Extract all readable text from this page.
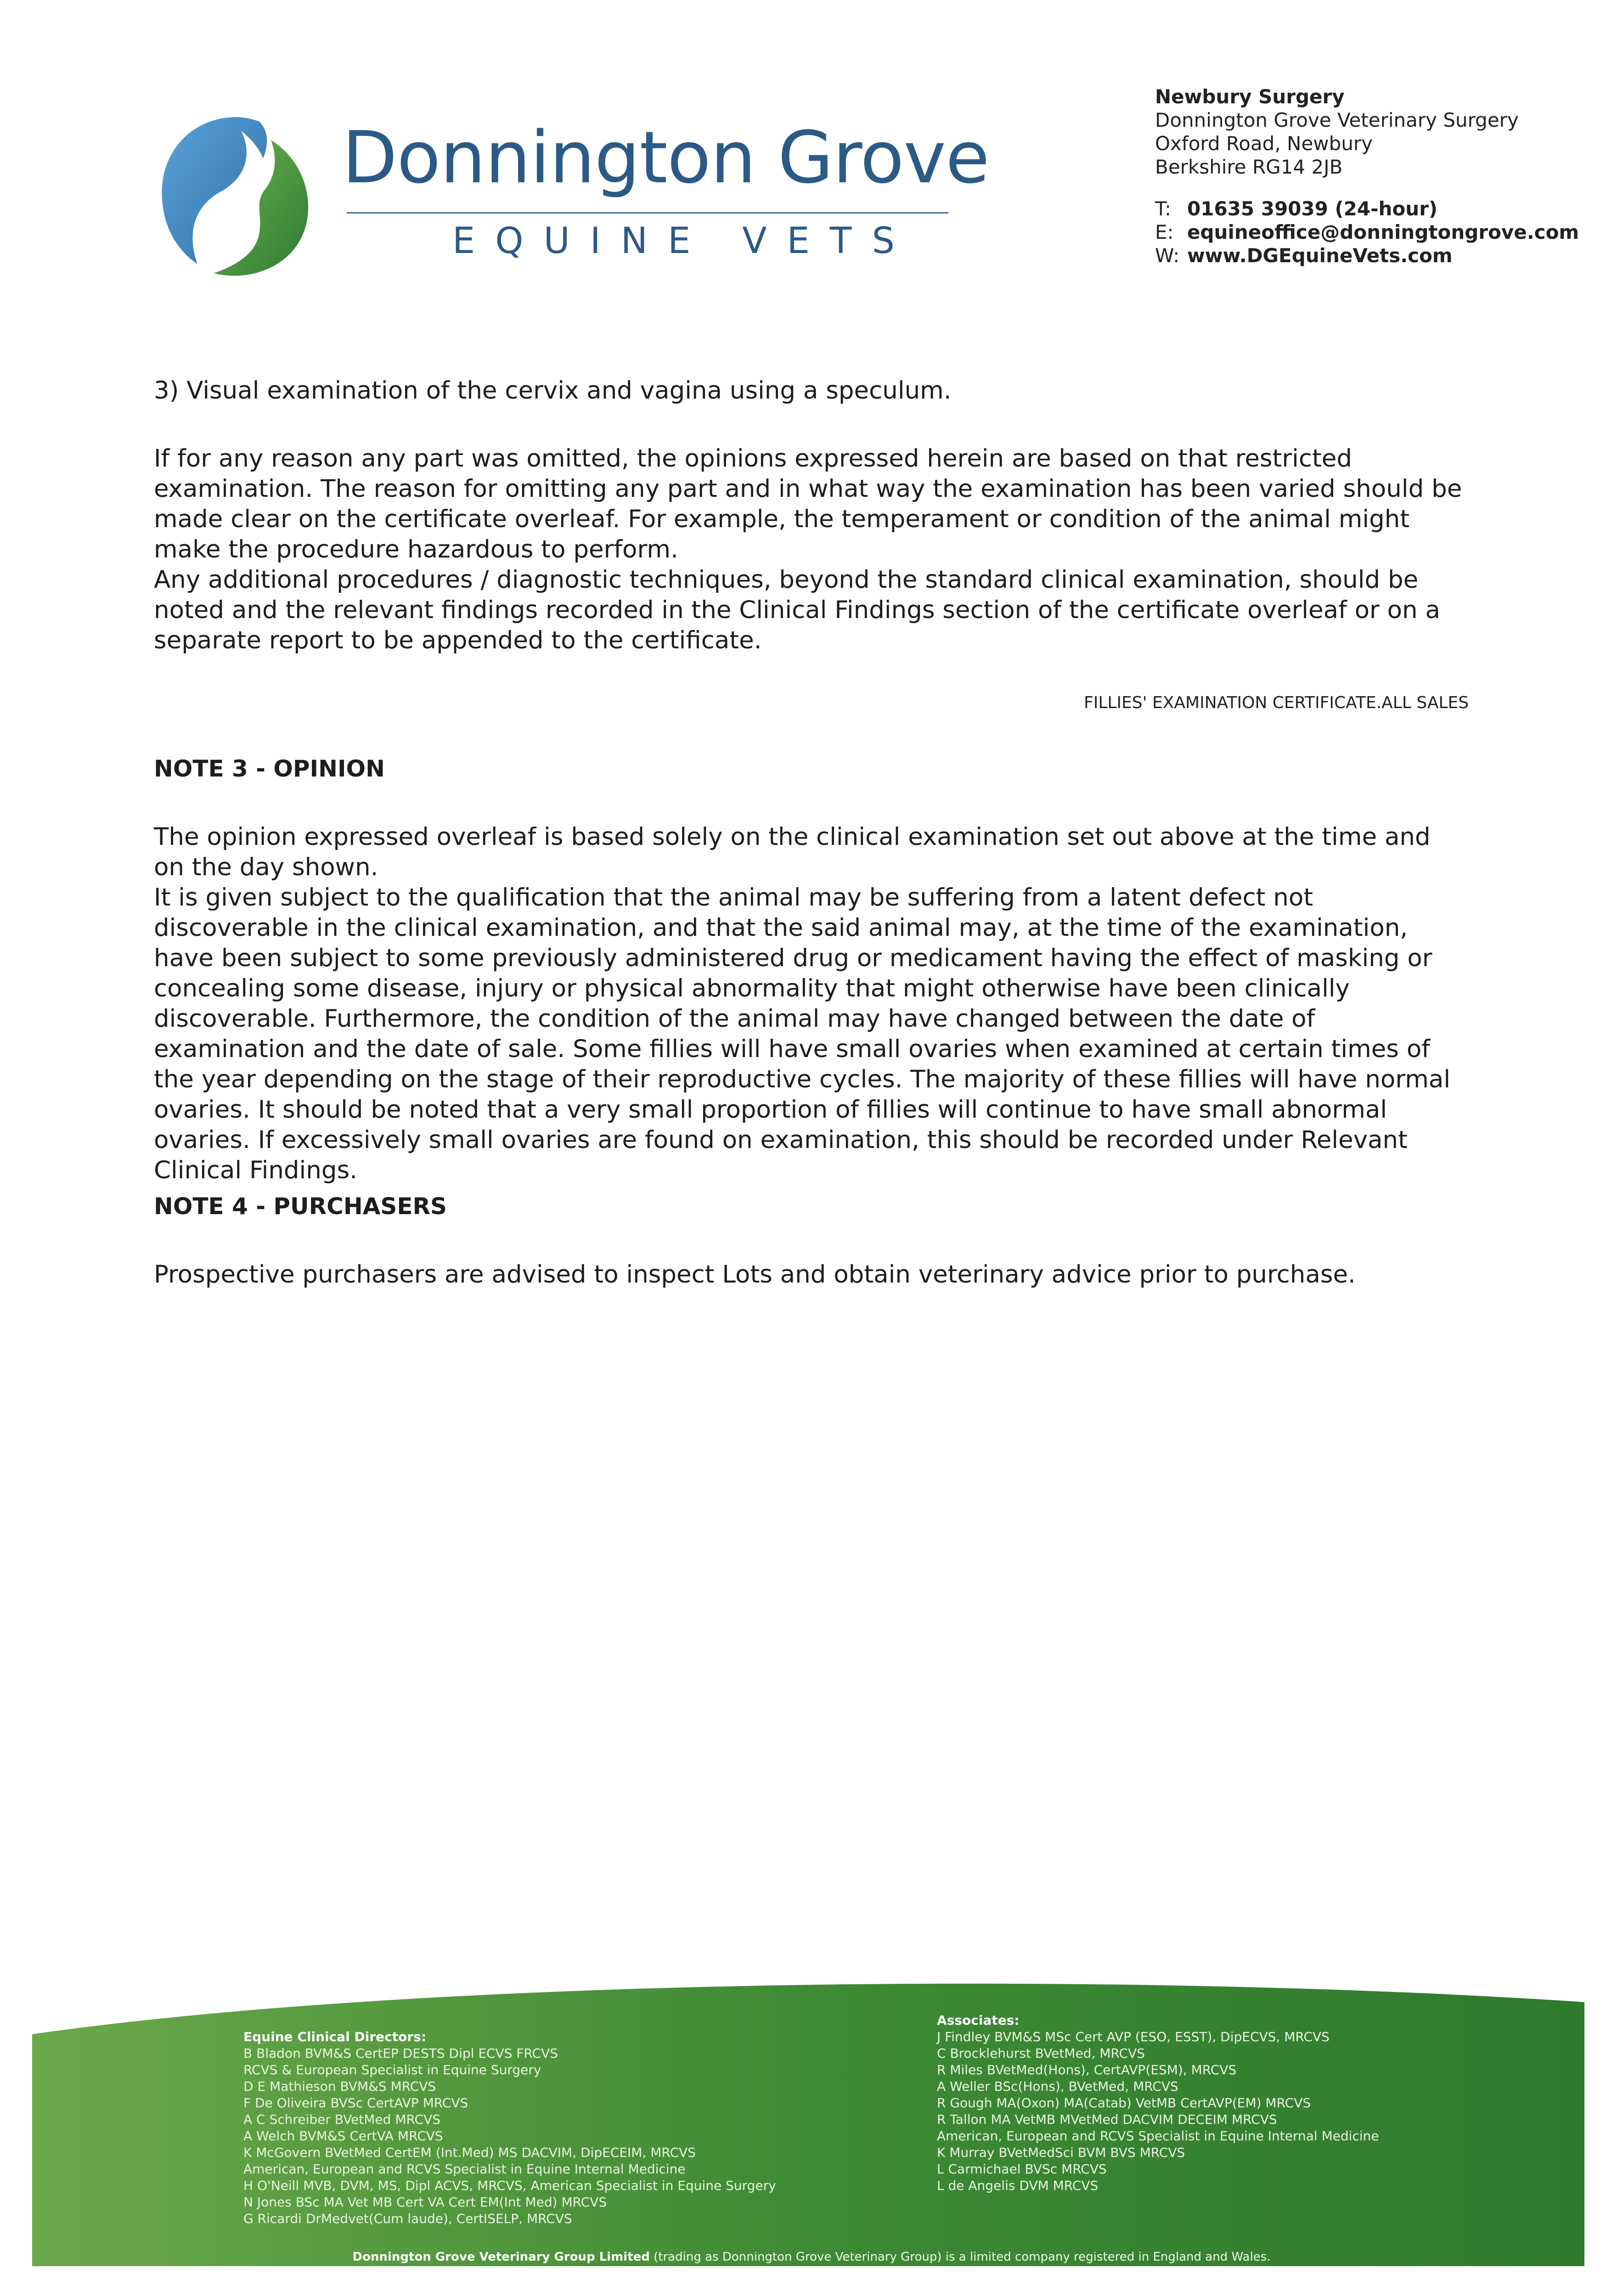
Donnington Grove
EQUINE VETS
Newbury Surgery
Donnington Grove Veterinary Surgery
Oxford Road, Newbury
Berkshire RG14 2JB
T: 01635 39039 (24-hour)
E: equineoffice@donningtongrove.com
W: www.DGEquineVets.com
3) Visual examination of the cervix and vagina using a speculum.
If for any reason any part was omitted, the opinions expressed herein are based on that restricted examination. The reason for omitting any part and in what way the examination has been varied should be made clear on the certificate overleaf. For example, the temperament or condition of the animal might make the procedure hazardous to perform.
Any additional procedures / diagnostic techniques, beyond the standard clinical examination, should be noted and the relevant findings recorded in the Clinical Findings section of the certificate overleaf or on a separate report to be appended to the certificate.
FILLIES' EXAMINATION CERTIFICATE.ALL SALES
NOTE 3 - OPINION
The opinion expressed overleaf is based solely on the clinical examination set out above at the time and on the day shown.
It is given subject to the qualification that the animal may be suffering from a latent defect not discoverable in the clinical examination, and that the said animal may, at the time of the examination, have been subject to some previously administered drug or medicament having the effect of masking or concealing some disease, injury or physical abnormality that might otherwise have been clinically discoverable. Furthermore, the condition of the animal may have changed between the date of examination and the date of sale. Some fillies will have small ovaries when examined at certain times of the year depending on the stage of their reproductive cycles. The majority of these fillies will have normal ovaries. It should be noted that a very small proportion of fillies will continue to have small abnormal ovaries. If excessively small ovaries are found on examination, this should be recorded under Relevant Clinical Findings.
NOTE 4 - PURCHASERS
Prospective purchasers are advised to inspect Lots and obtain veterinary advice prior to purchase.
Equine Clinical Directors:
B Bladon BVM&S CertEP DESTS Dipl ECVS FRCVS
RCVS & European Specialist in Equine Surgery
D E Mathieson BVM&S MRCVS
F De Oliveira BVSc CertAVP MRCVS
A C Schreiber BVetMed MRCVS
A Welch BVM&S CertVA MRCVS
K McGovern BVetMed CertEM (Int.Med) MS DACVIM, DipECEIM, MRCVS
American, European and RCVS Specialist in Equine Internal Medicine
H O'Neill MVB, DVM, MS, Dipl ACVS, MRCVS, American Specialist in Equine Surgery
N Jones BSc MA Vet MB Cert VA Cert EM(Int Med) MRCVS
G Ricardi DrMedvet(Cum laude), CertISELP, MRCVS
Associates:
J Findley BVM&S MSc Cert AVP (ESO, ESST), DipECVS, MRCVS
C Brocklehurst BVetMed, MRCVS
R Miles BVetMed(Hons), CertAVP(ESM), MRCVS
A Weller BSc(Hons), BVetMed, MRCVS
R Gough MA(Oxon) MA(Catab) VetMB CertAVP(EM) MRCVS
R Tallon MA VetMB MVetMed DACVIM DECEIM MRCVS
American, European and RCVS Specialist in Equine Internal Medicine
K Murray BVetMedSci BVM BVS MRCVS
L Carmichael BVSc MRCVS
L de Angelis DVM MRCVS
Donnington Grove Veterinary Group Limited (trading as Donnington Grove Veterinary Group) is a limited company registered in England and Wales.
